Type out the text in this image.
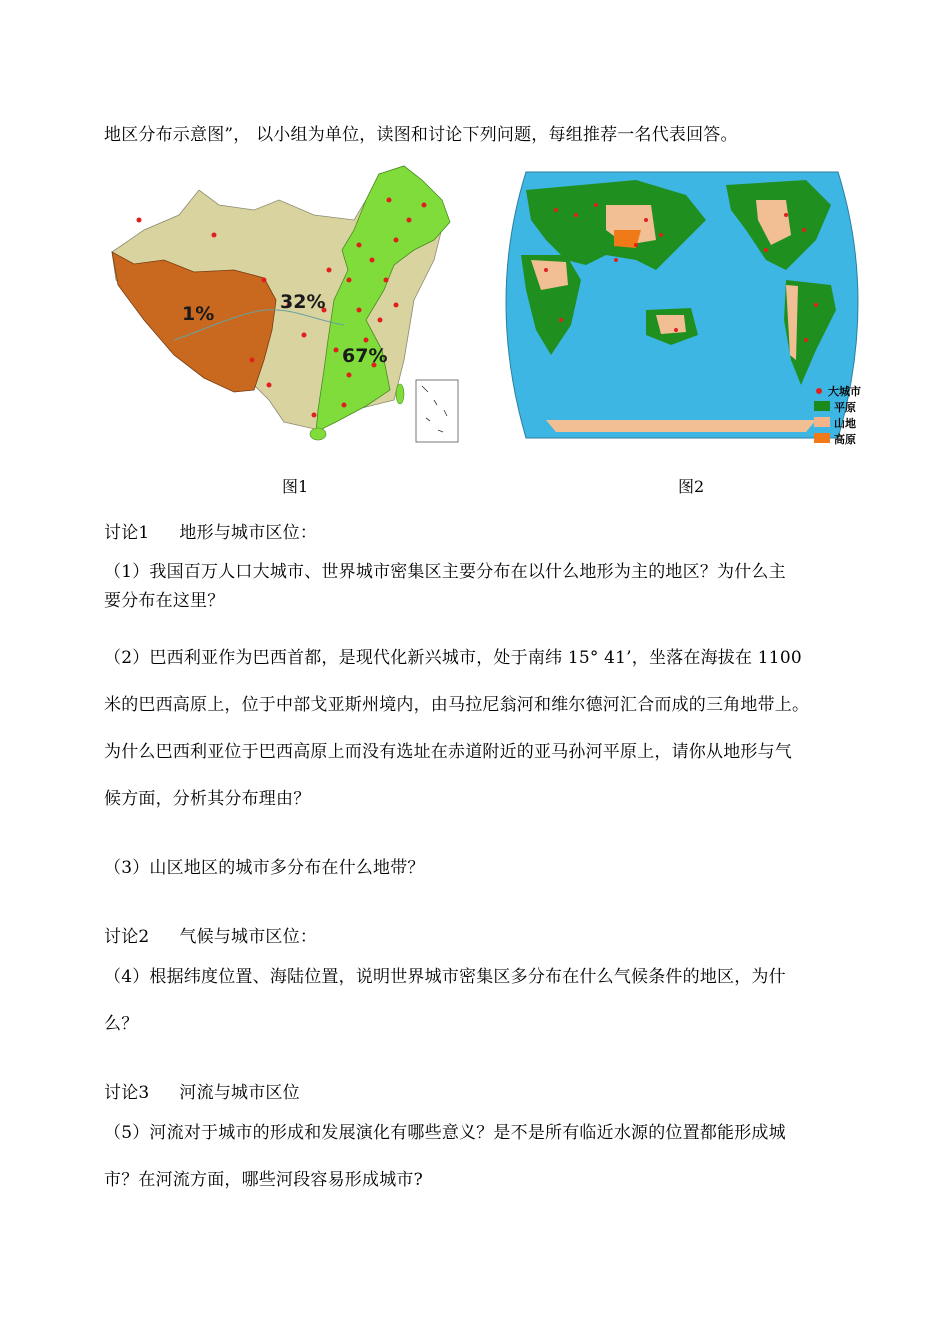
地区分布示意图”， 以小组为单位，读图和讨论下列问题，每组推荐一名代表回答。
1%
32%
67%
图1
大城市
平原
山地
高原
图2
讨论1 地形与城市区位：
（1）我国百万人口大城市、世界城市密集区主要分布在以什么地形为主的地区？为什么主
要分布在这里？
（2）巴西利亚作为巴西首都，是现代化新兴城市，处于南纬 15° 41’，坐落在海拔在 1100
米的巴西高原上，位于中部戈亚斯州境内，由马拉尼翁河和维尔德河汇合而成的三角地带上。
为什么巴西利亚位于巴西高原上而没有选址在赤道附近的亚马孙河平原上，请你从地形与气
候方面，分析其分布理由？
（3）山区地区的城市多分布在什么地带？
讨论2 气候与城市区位：
（4）根据纬度位置、海陆位置，说明世界城市密集区多分布在什么气候条件的地区，为什
么？
讨论3 河流与城市区位
（5）河流对于城市的形成和发展演化有哪些意义？是不是所有临近水源的位置都能形成城
市？在河流方面，哪些河段容易形成城市?
